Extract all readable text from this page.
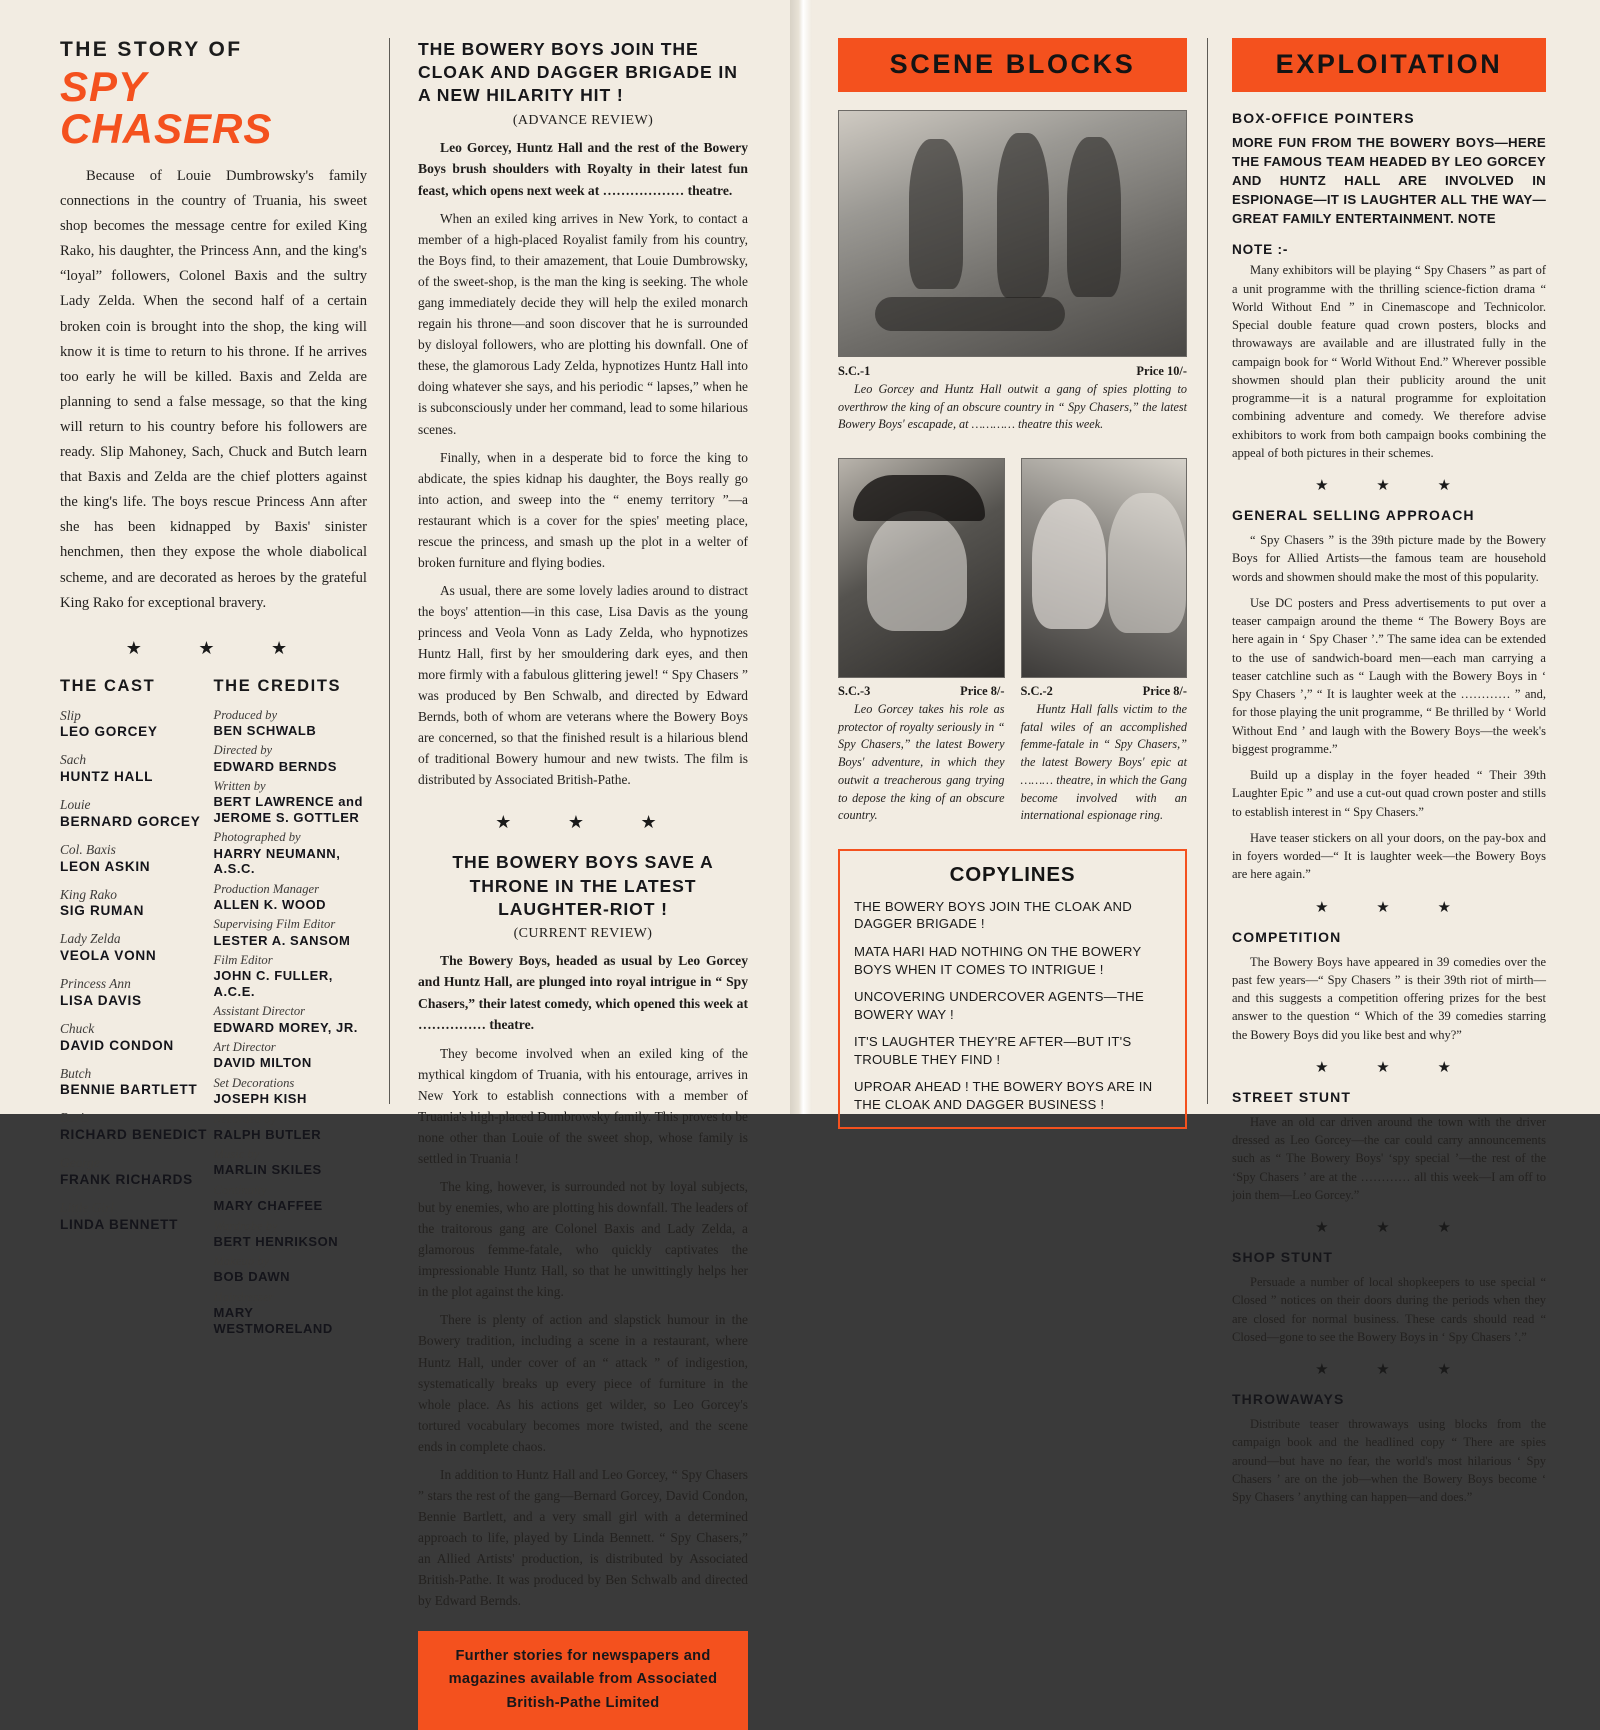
THE STORY OF
SPY CHASERS

Because of Louie Dumbrowsky's family connections in the country of Truania, his sweet shop becomes the message centre for exiled King Rako, his daughter, the Princess Ann, and the king's “loyal” followers, Colonel Baxis and the sultry Lady Zelda. When the second half of a certain broken coin is brought into the shop, the king will know it is time to return to his throne. If he arrives too early he will be killed. Baxis and Zelda are planning to send a false message, so that the king will return to his country before his followers are ready. Slip Mahoney, Sach, Chuck and Butch learn that Baxis and Zelda are the chief plotters against the king's life. The boys rescue Princess Ann after she has been kidnapped by Baxis' sinister henchmen, then they expose the whole diabolical scheme, and are decorated as heroes by the grateful King Rako for exceptional bravery.

★ ★ ★
THE CAST
Slip
LEO GORCEY
Sach
HUNTZ HALL
Louie
BERNARD GORCEY
Col. Baxis
LEON ASKIN
King Rako
SIG RUMAN
Lady Zelda
VEOLA VONN
Princess Ann
LISA DAVIS
Chuck
DAVID CONDON
Butch
BENNIE BARTLETT
Boris
RICHARD BENEDICT
George
FRANK RICHARDS
Little Girl
LINDA BENNETT
THE CREDITS
Produced by
BEN SCHWALB
Directed by
EDWARD BERNDS
Written by
BERT LAWRENCE and JEROME S. GOTTLER
Photographed by
HARRY NEUMANN, A.S.C.
Production Manager
ALLEN K. WOOD
Supervising Film Editor
LESTER A. SANSOM
Film Editor
JOHN C. FULLER, A.C.E.
Assistant Director
EDWARD MOREY, JR.
Art Director
DAVID MILTON
Set Decorations
JOSEPH KISH
Recorded by
RALPH BUTLER
Music by
MARLIN SKILES
Continuity
MARY CHAFFEE
Wardrobe by
BERT HENRIKSON
Makeup by
BOB DAWN
Hairdresser
MARY WESTMORELAND
THE BOWERY BOYS JOIN THE CLOAK AND DAGGER BRIGADE IN A NEW HILARITY HIT !
(ADVANCE REVIEW)

Leo Gorcey, Huntz Hall and the rest of the Bowery Boys brush shoulders with Royalty in their latest fun feast, which opens next week at ……………… theatre.

When an exiled king arrives in New York, to contact a member of a high-placed Royalist family from his country, the Boys find, to their amazement, that Louie Dumbrowsky, of the sweet-shop, is the man the king is seeking. The whole gang immediately decide they will help the exiled monarch regain his throne—and soon discover that he is surrounded by disloyal followers, who are plotting his downfall. One of these, the glamorous Lady Zelda, hypnotizes Huntz Hall into doing whatever she says, and his periodic “ lapses,” when he is subconsciously under her command, lead to some hilarious scenes.

Finally, when in a desperate bid to force the king to abdicate, the spies kidnap his daughter, the Boys really go into action, and sweep into the “ enemy territory ”—a restaurant which is a cover for the spies' meeting place, rescue the princess, and smash up the plot in a welter of broken furniture and flying bodies.

As usual, there are some lovely ladies around to distract the boys' attention—in this case, Lisa Davis as the young princess and Veola Vonn as Lady Zelda, who hypnotizes Huntz Hall, first by her smouldering dark eyes, and then more firmly with a fabulous glittering jewel! “ Spy Chasers ” was produced by Ben Schwalb, and directed by Edward Bernds, both of whom are veterans where the Bowery Boys are concerned, so that the finished result is a hilarious blend of traditional Bowery humour and new twists. The film is distributed by Associated British-Pathe.

★ ★ ★
THE BOWERY BOYS SAVE A THRONE IN THE LATEST LAUGHTER-RIOT !
(CURRENT REVIEW)

The Bowery Boys, headed as usual by Leo Gorcey and Huntz Hall, are plunged into royal intrigue in “ Spy Chasers,” their latest comedy, which opened this week at …………… theatre.

They become involved when an exiled king of the mythical kingdom of Truania, with his entourage, arrives in New York to establish connections with a member of Truania's high-placed Dumbrowsky family. This proves to be none other than Louie of the sweet shop, whose family is settled in Truania !

The king, however, is surrounded not by loyal subjects, but by enemies, who are plotting his downfall. The leaders of the traitorous gang are Colonel Baxis and Lady Zelda, a glamorous femme-fatale, who quickly captivates the impressionable Huntz Hall, so that he unwittingly helps her in the plot against the king.

There is plenty of action and slapstick humour in the Bowery tradition, including a scene in a restaurant, where Huntz Hall, under cover of an “ attack ” of indigestion, systematically breaks up every piece of furniture in the whole place. As his actions get wilder, so Leo Gorcey's tortured vocabulary becomes more twisted, and the scene ends in complete chaos.

In addition to Huntz Hall and Leo Gorcey, “ Spy Chasers ” stars the rest of the gang—Bernard Gorcey, David Condon, Bennie Bartlett, and a very small girl with a determined approach to life, played by Linda Bennett. “ Spy Chasers,” an Allied Artists' production, is distributed by Associated British-Pathe. It was produced by Ben Schwalb and directed by Edward Bernds.

Further stories for newspapers and magazines available from Associated British-Pathe Limited
SCENE BLOCKS
S.C.-1	Price 10/-

Leo Gorcey and Huntz Hall outwit a gang of spies plotting to overthrow the king of an obscure country in “ Spy Chasers,” the latest Bowery Boys' escapade, at ………… theatre this week.

S.C.-3	Price 8/-

Leo Gorcey takes his role as protector of royalty seriously in “ Spy Chasers,” the latest Bowery Boys' adventure, in which they outwit a treacherous gang trying to depose the king of an obscure country.

S.C.-2	Price 8/-

Huntz Hall falls victim to the fatal wiles of an accomplished femme-fatale in “ Spy Chasers,” the latest Bowery Boys' epic at ……… theatre, in which the Gang become involved with an international espionage ring.

COPYLINES
THE BOWERY BOYS JOIN THE CLOAK AND DAGGER BRIGADE !
MATA HARI HAD NOTHING ON THE BOWERY BOYS WHEN IT COMES TO INTRIGUE !
UNCOVERING UNDERCOVER AGENTS—THE BOWERY WAY !
IT'S LAUGHTER THEY'RE AFTER—BUT IT'S TROUBLE THEY FIND !
UPROAR AHEAD ! THE BOWERY BOYS ARE IN THE CLOAK AND DAGGER BUSINESS !
EXPLOITATION
BOX-OFFICE POINTERS
MORE FUN FROM THE BOWERY BOYS—HERE THE FAMOUS TEAM HEADED BY LEO GORCEY AND HUNTZ HALL ARE INVOLVED IN ESPIONAGE—IT IS LAUGHTER ALL THE WAY—GREAT FAMILY ENTERTAINMENT. NOTE
NOTE :-

Many exhibitors will be playing “ Spy Chasers ” as part of a unit programme with the thrilling science-fiction drama “ World Without End ” in Cinemascope and Technicolor. Special double feature quad crown posters, blocks and throwaways are available and are illustrated fully in the campaign book for “ World Without End.” Wherever possible showmen should plan their publicity around the unit programme—it is a natural programme for exploitation combining adventure and comedy. We therefore advise exhibitors to work from both campaign books combining the appeal of both pictures in their schemes.

★ ★ ★
GENERAL SELLING APPROACH

“ Spy Chasers ” is the 39th picture made by the Bowery Boys for Allied Artists—the famous team are household words and showmen should make the most of this popularity.

Use DC posters and Press advertisements to put over a teaser campaign around the theme “ The Bowery Boys are here again in ‘ Spy Chaser ’.” The same idea can be extended to the use of sandwich-board men—each man carrying a teaser catchline such as “ Laugh with the Bowery Boys in ‘ Spy Chasers ’,” “ It is laughter week at the ………… ” and, for those playing the unit programme, “ Be thrilled by ‘ World Without End ’ and laugh with the Bowery Boys—the week's biggest programme.”

Build up a display in the foyer headed “ Their 39th Laughter Epic ” and use a cut-out quad crown poster and stills to establish interest in “ Spy Chasers.”

Have teaser stickers on all your doors, on the pay-box and in foyers worded—“ It is laughter week—the Bowery Boys are here again.”

★ ★ ★
COMPETITION

The Bowery Boys have appeared in 39 comedies over the past few years—“ Spy Chasers ” is their 39th riot of mirth—and this suggests a competition offering prizes for the best answer to the question “ Which of the 39 comedies starring the Bowery Boys did you like best and why?”

★ ★ ★
STREET STUNT

Have an old car driven around the town with the driver dressed as Leo Gorcey—the car could carry announcements such as “ The Bowery Boys' ‘spy special ’—the rest of the ‘Spy Chasers ’ are at the ………… all this week—I am off to join them—Leo Gorcey.”

★ ★ ★
SHOP STUNT

Persuade a number of local shopkeepers to use special “ Closed ” notices on their doors during the periods when they are closed for normal business. These cards should read “ Closed—gone to see the Bowery Boys in ‘ Spy Chasers ’.”

★ ★ ★
THROWAWAYS

Distribute teaser throwaways using blocks from the campaign book and the headlined copy “ There are spies around—but have no fear, the world's most hilarious ‘ Spy Chasers ’ are on the job—when the Bowery Boys become ‘ Spy Chasers ’ anything can happen—and does.”
